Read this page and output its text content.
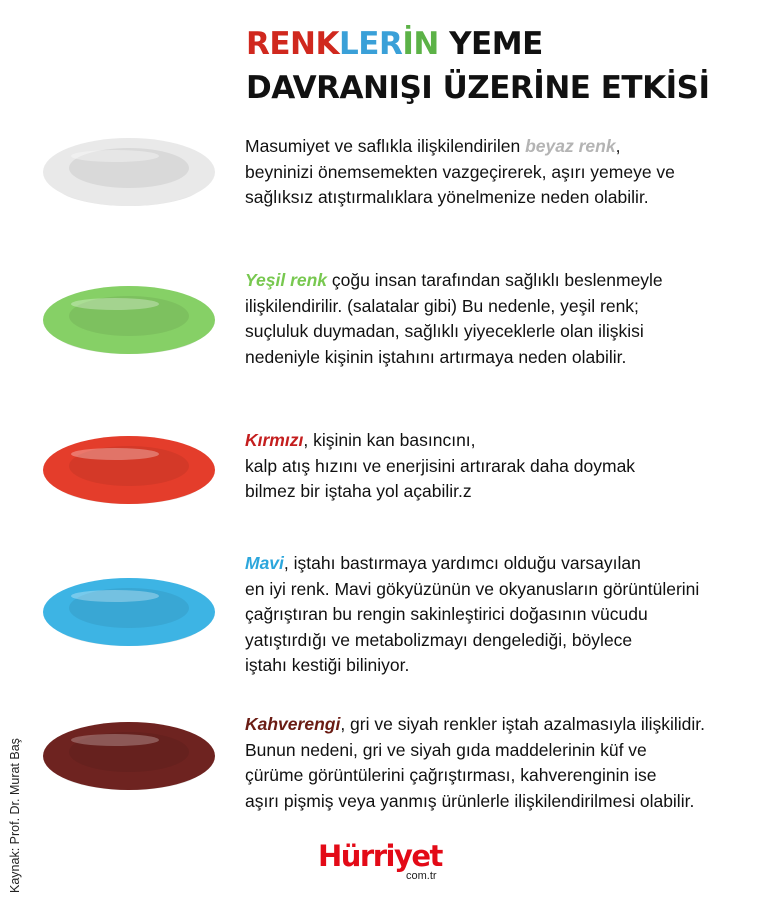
RENKLERİN YEME
DAVRANIŞI ÜZERİNE ETKİSİ
Masumiyet ve saflıkla ilişkilendirilen beyaz renk,
beyninizi önemsemekten vazgeçirerek, aşırı yemeye ve
sağlıksız atıştırmalıklara yönelmenize neden olabilir.
Yeşil renk çoğu insan tarafından sağlıklı beslenmeyle
ilişkilendirilir. (salatalar gibi) Bu nedenle, yeşil renk;
suçluluk duymadan, sağlıklı yiyeceklerle olan ilişkisi
nedeniyle kişinin iştahını artırmaya neden olabilir.
Kırmızı, kişinin kan basıncını,
kalp atış hızını ve enerjisini artırarak daha doymak
bilmez bir iştaha yol açabilir.z
Mavi, iştahı bastırmaya yardımcı olduğu varsayılan
en iyi renk. Mavi gökyüzünün ve okyanusların görüntülerini
çağrıştıran bu rengin sakinleştirici doğasının vücudu
yatıştırdığı ve metabolizmayı dengelediği, böylece
iştahı kestiği biliniyor.
Kahverengi, gri ve siyah renkler iştah azalmasıyla ilişkilidir.
Bunun nedeni, gri ve siyah gıda maddelerinin küf ve
çürüme görüntülerini çağrıştırması, kahverenginin ise
aşırı pişmiş veya yanmış ürünlerle ilişkilendirilmesi olabilir.
Kaynak: Prof. Dr. Murat Baş	Hürriyet
com.tr
